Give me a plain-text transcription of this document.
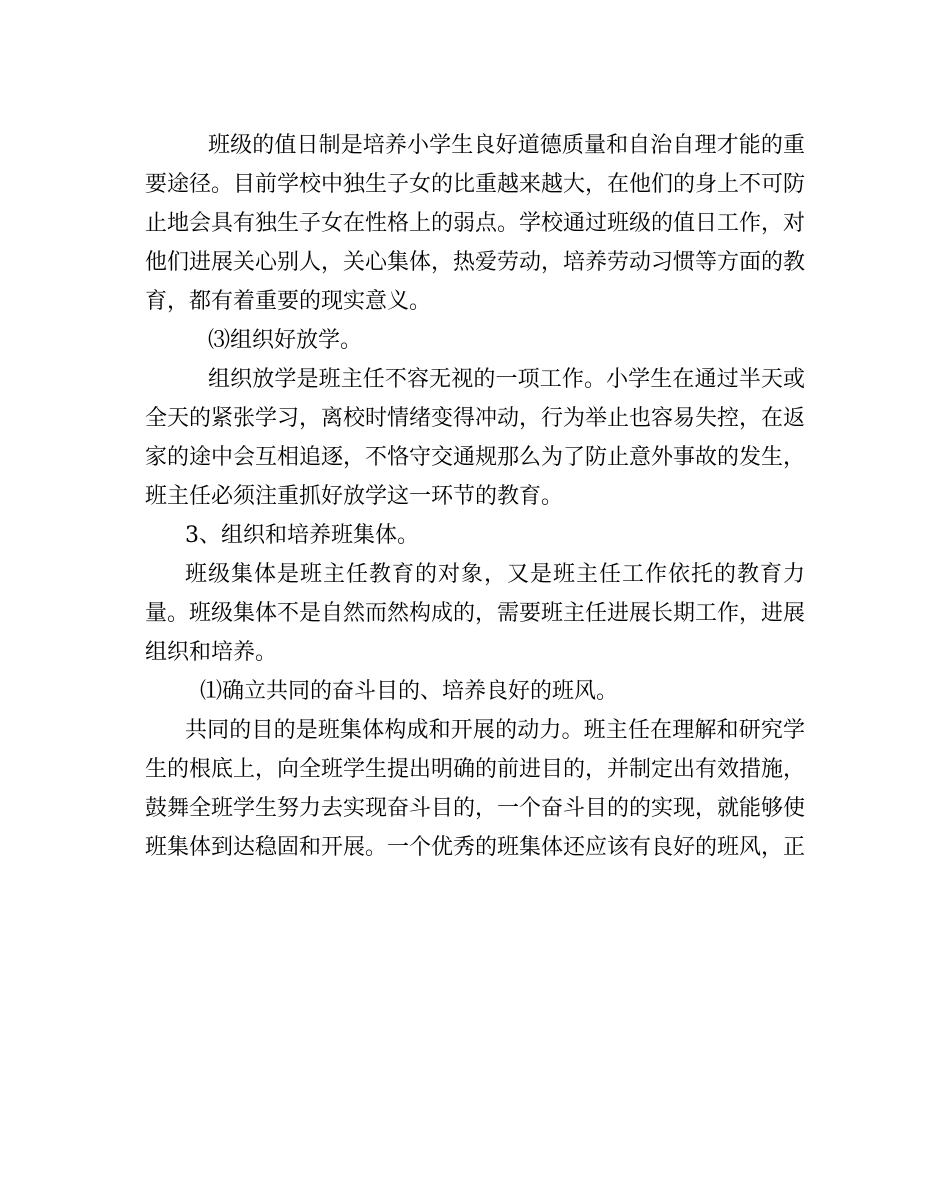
班级的值日制是培养小学生良好道德质量和自治自理才能的重要途径。目前学校中独生子女的比重越来越大，在他们的身上不可防止地会具有独生子女在性格上的弱点。学校通过班级的值日工作，对他们进展关心别人，关心集体，热爱劳动，培养劳动习惯等方面的教育，都有着重要的现实意义。

⑶组织好放学。

组织放学是班主任不容无视的一项工作。小学生在通过半天或全天的紧张学习，离校时情绪变得冲动，行为举止也容易失控，在返家的途中会互相追逐，不恪守交通规那么为了防止意外事故的发生，班主任必须注重抓好放学这一环节的教育。

3、组织和培养班集体。

班级集体是班主任教育的对象，又是班主任工作依托的教育力量。班级集体不是自然而然构成的，需要班主任进展长期工作，进展组织和培养。

⑴确立共同的奋斗目的、培养良好的班风。

共同的目的是班集体构成和开展的动力。班主任在理解和研究学生的根底上，向全班学生提出明确的前进目的，并制定出有效措施，鼓舞全班学生努力去实现奋斗目的，一个奋斗目的的实现，就能够使班集体到达稳固和开展。一个优秀的班集体还应该有良好的班风，正
